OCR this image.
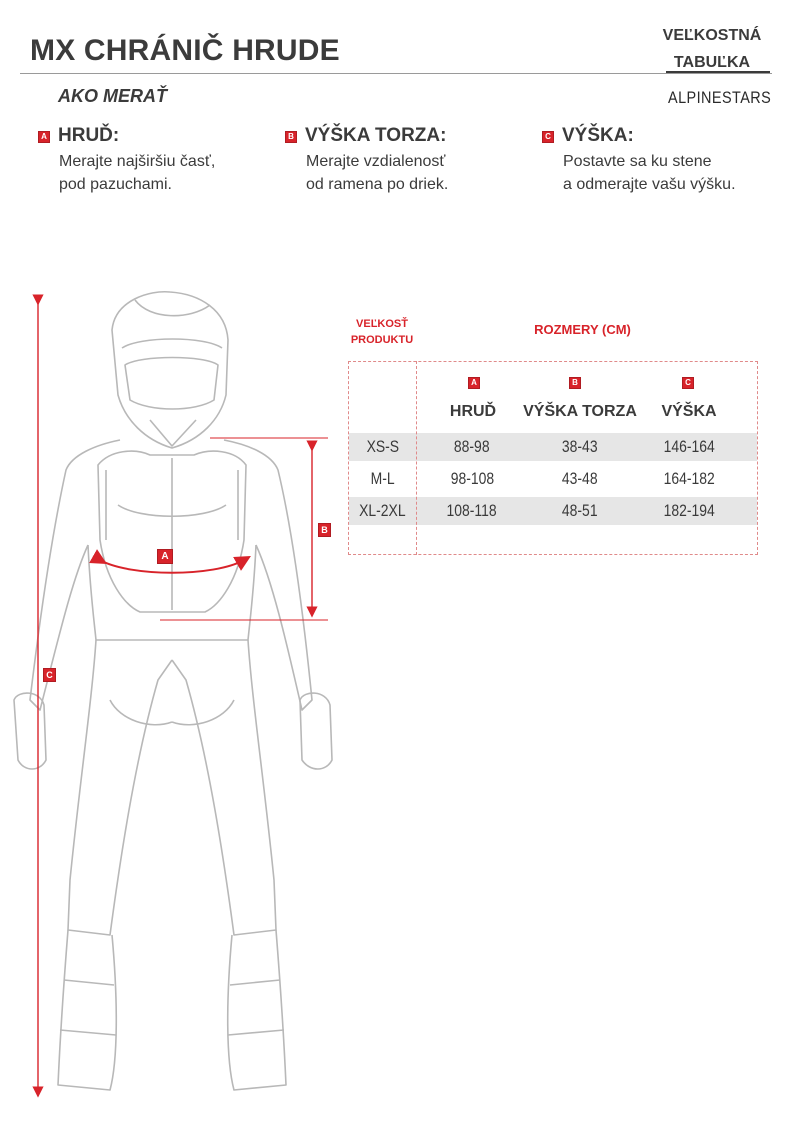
MX CHRÁNIČ HRUDE	VEĽKOSTNÁ
TABUĽKA
ALPINESTARS
AKO MERAŤ
A HRUĎ:
Merajte najširšiu časť,
pod pazuchami.
B VÝŠKA TORZA:
Merajte vzdialenosť
od ramena po driek.
C VÝŠKA:
Postavte sa ku stene
a odmerajte vašu výšku.
A
B
C
VEĽKOSŤ
PRODUKTU
ROZMERY (CM)
A	B	C
HRUĎ	VÝŠKA TORZA	VÝŠKA
XS-S	88-98	38-43	146-164
M-L	98-108	43-48	164-182
XL-2XL	108-118	48-51	182-194
